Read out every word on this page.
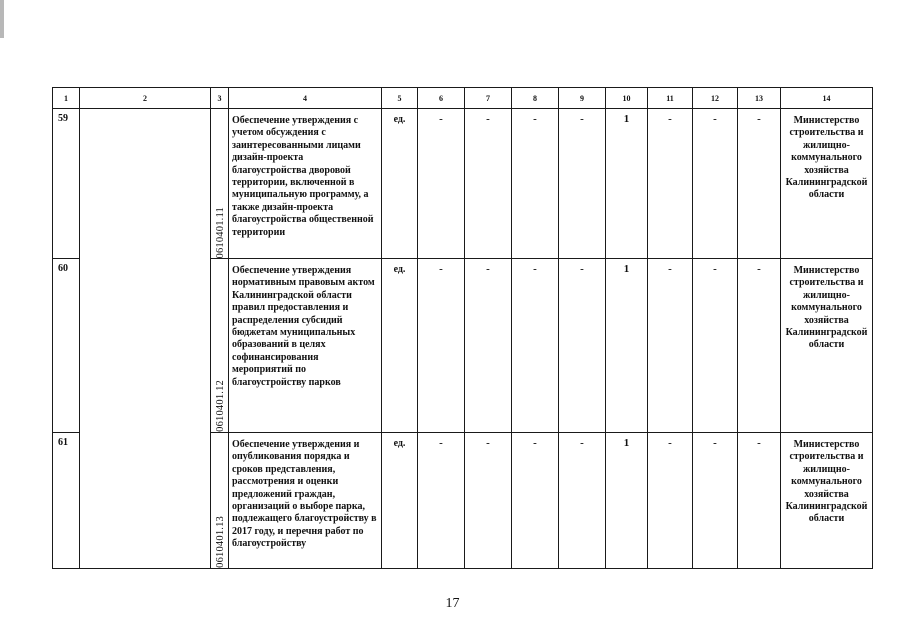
1	2	3	4	5	6	7	8	9	10	11	12	13	14
59		0610401.11	Обеспечение утверждения с учетом обсуждения с заинтересованными лицами дизайн-проекта благоустройства дворовой территории, включенной в муниципальную программу, а также дизайн-проекта благоустройства общественной территории	ед.	-	-	-	-	1	-	-	-	Министерство строительства и жилищно-коммунального хозяйства Калининградской области
60		0610401.12	Обеспечение утверждения нормативным правовым актом Калининградской области правил предоставления и распределения субсидий бюджетам муниципальных образований в целях софинансирования мероприятий по благоустройству парков	ед.	-	-	-	-	1	-	-	-	Министерство строительства и жилищно-коммунального хозяйства Калининградской области
61		0610401.13	Обеспечение утверждения и опубликования порядка и сроков представления, рассмотрения и оценки предложений граждан, организаций о выборе парка, подлежащего благоустройству в 2017 году, и перечня работ по благоустройству	ед.	-	-	-	-	1	-	-	-	Министерство строительства и жилищно-коммунального хозяйства Калининградской области
17
